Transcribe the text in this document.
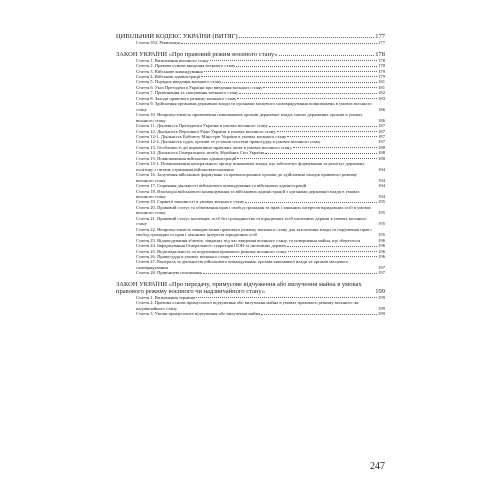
ЦИВІЛЬНИЙ КОДЕКС УКРАЇНИ (ВИТЯГ)	177
Стаття 353. Реквізиція	177
ЗАКОН УКРАЇНИ «Про правовий режим воєнного стану»	178
Стаття 1. Визначення воєнного стану	178
Стаття 2. Правова основа введення воєнного стану	178
Стаття 3. Військове командування	179
Стаття 4. Військові адміністрації	179
Стаття 5. Порядок введення воєнного стану	181
Стаття 6. Указ Президента України про введення воєнного стану	181
Стаття 7. Припинення та скасування воєнного стану	182
Стаття 8. Заходи правового режиму воєнного стану	183
Стаття 9. Здійснення органами державної влади та органами місцевого самоврядування повноважень в умовах воєнного стану	186
Стаття 10. Неприпустимість припинення повноважень органів державної влади, інших державних органів в умовах воєнного стану	186
Стаття 11. Діяльність Президента України в умовах воєнного стану	187
Стаття 12. Діяльність Верховної Ради України в умовах воєнного стану	187
Стаття 12-1. Діяльність Кабінету Міністрів України в умовах воєнного стану	187
Стаття 12-2. Діяльність судів, органів та установ системи правосуддя в умовах воєнного стану	187
Стаття 13. Особливості дії нормативно-правових актів в умовах воєнного стану	188
Стаття 14. Діяльність Генерального штабу Збройних Сил України	188
Стаття 15. Повноваження військових адміністрацій	188
Стаття 15-1. Повноваження центрального органу виконавчої влади, що забезпечує формування та реалізує державну політику з питань утримання військовополонених	194
Стаття 16. Залучення військових формувань та правоохоронних органів до здійснення заходів правового режиму воєнного стану	194
Стаття 17. Сприяння діяльності військового командування та військових адміністрацій	194
Стаття 18. Взаємодія військового командування та військових адміністрацій з органами державної влади в умовах воєнного стану	194
Стаття 19. Гарантії законності в умовах воєнного стану	195
Стаття 20. Правовий статус та обмеження прав і свобод громадян та прав і законних інтересів юридичних осіб в умовах воєнного стану	195
Стаття 21. Правовий статус іноземців, осіб без громадянства та юридичних осіб іноземних держав в умовах воєнного стану	195
Стаття 22. Неприпустимість використання правового режиму воєнного стану для захоплення влади та порушення прав і свобод громадян та прав і законних інтересів юридичних осіб	195
Стаття 23. Відшкодування збитків, завданих під час введення воєнного стану, та повернення майна, що збереглося	196
Стаття 24. Інформування Генерального секретаря ООН та іноземних держав	196
Стаття 25. Відповідальність за порушення правового режиму воєнного стану	196
Стаття 26. Правосуддя в умовах воєнного стану	196
Стаття 27. Контроль за діяльністю військового командування, органів виконавчої влади та органів місцевого самоврядування	197
Стаття 28. Прикінцеві положення	197
ЗАКОН УКРАЇНИ «Про передачу, примусове відчуження або вилучення майна в умовах правового режиму воєнного чи надзвичайного стану»	199
Стаття 1. Визначення термінів	199
Стаття 2. Правова основа примусового відчуження або вилучення майна в умовах правового режиму воєнного чи надзвичайного стану	199
Стаття 3. Умови примусового відчуження або вилучення майна	199
247
